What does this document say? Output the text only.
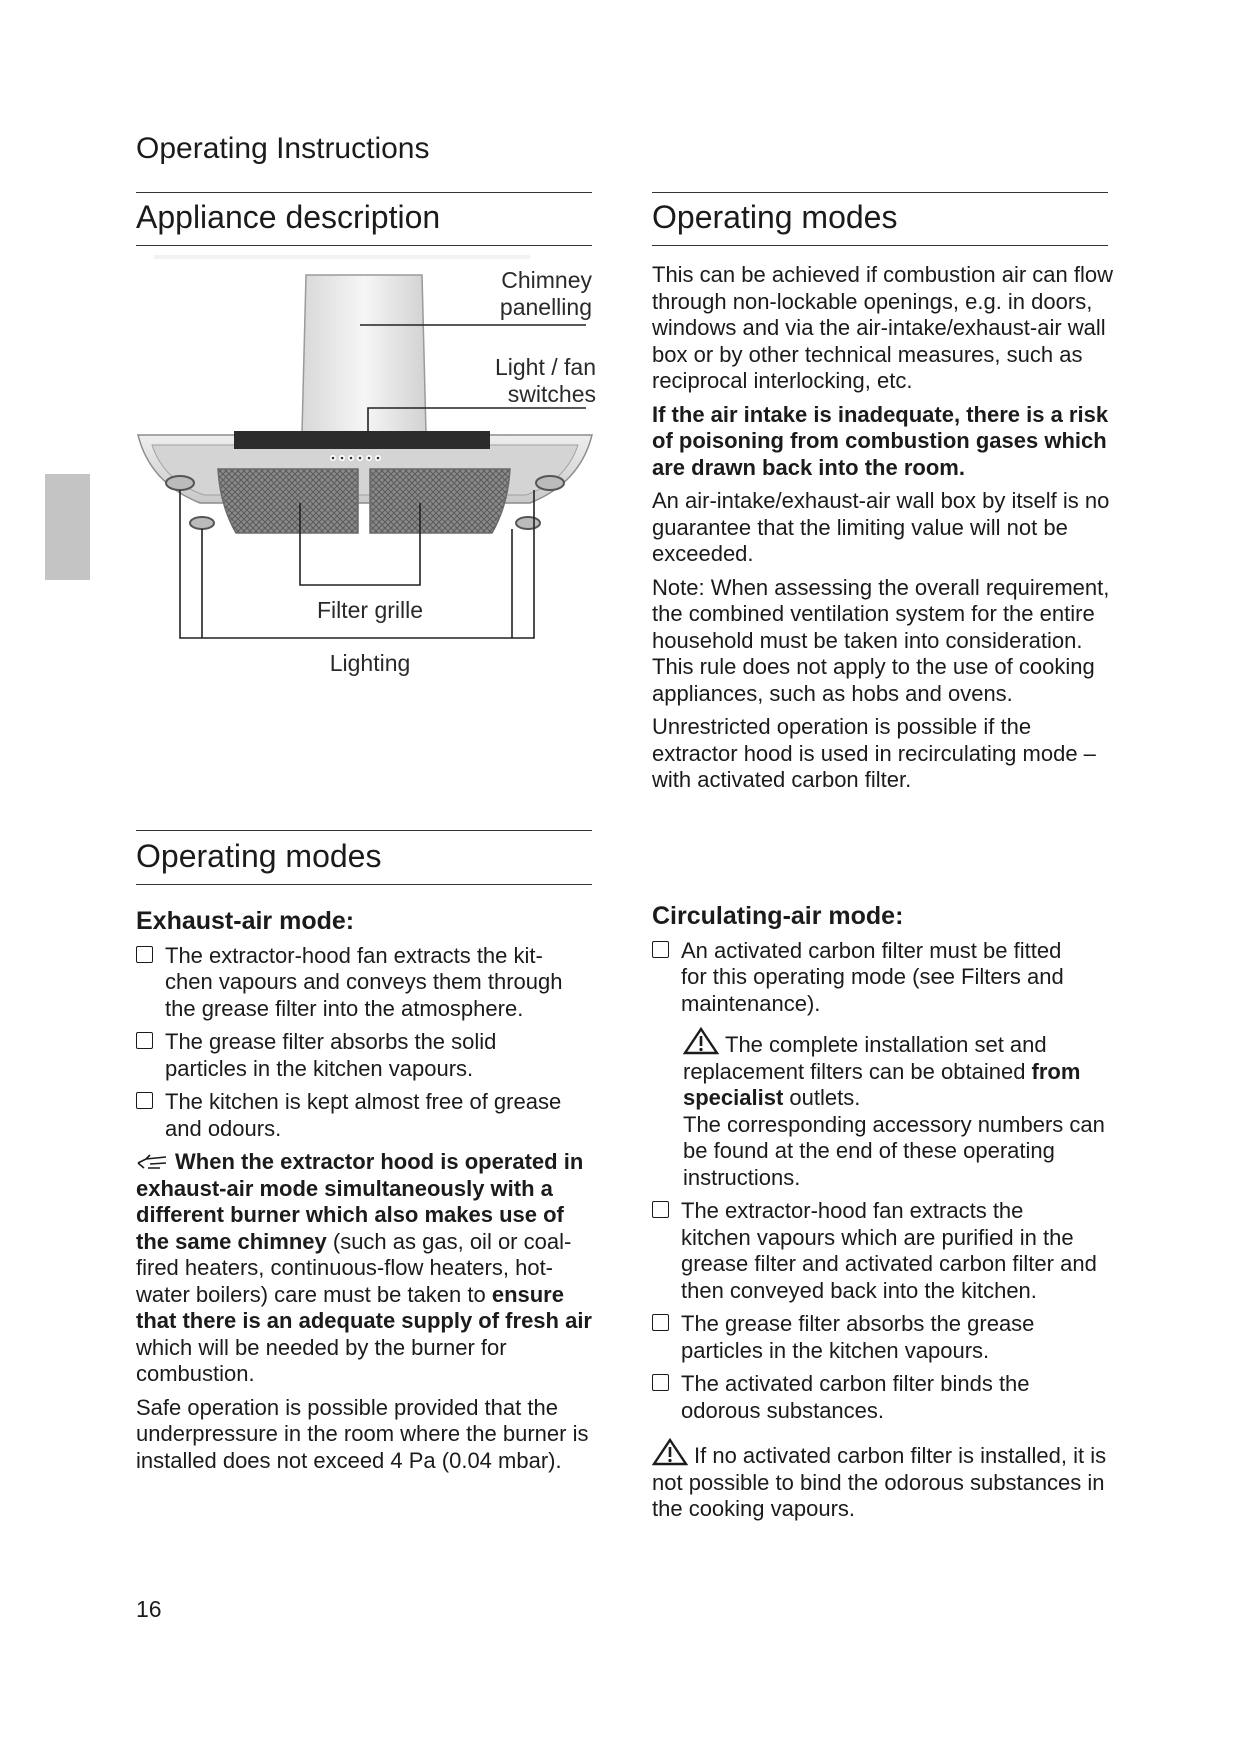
Operating Instructions
Appliance description
Chimney
panelling
Light / fan
switches
Filter grille
Lighting
Operating modes
Exhaust-air mode:
The extractor-hood fan extracts the kit-
chen vapours and conveys them through the grease filter into the atmosphere.
The grease filter absorbs the solid
particles in the kitchen vapours.
The kitchen is kept almost free of grease
and odours.

When the extractor hood is operated in exhaust-air mode simultaneously with a different burner which also makes use of the same chimney (such as gas, oil or coal-fired heaters, continuous-flow heaters, hot-water boilers) care must be taken to ensure that there is an adequate supply of fresh air which will be needed by the burner for combustion.

Safe operation is possible provided that the underpressure in the room where the burner is installed does not exceed 4 Pa (0.04 mbar).

Operating modes

This can be achieved if combustion air can flow through non-lockable openings, e.g. in doors, windows and via the air-intake/exhaust-air wall box or by other technical measures, such as reciprocal interlocking, etc.

If the air intake is inadequate, there is a risk of poisoning from combustion gases which are drawn back into the room.

An air-intake/exhaust-air wall box by itself is no guarantee that the limiting value will not be exceeded.

Note: When assessing the overall requirement, the combined ventilation system for the entire household must be taken into consideration. This rule does not apply to the use of cooking appliances, such as hobs and ovens.

Unrestricted operation is possible if the extractor hood is used in recirculating mode – with activated carbon filter.

Circulating-air mode:
An activated carbon filter must be fitted
for this operating mode (see Filters and maintenance).
The complete installation set and replacement filters can be obtained from specialist outlets.
The corresponding accessory numbers can be found at the end of these operating instructions.
The extractor-hood fan extracts the
kitchen vapours which are purified in the grease filter and activated carbon filter and then conveyed back into the kitchen.
The grease filter absorbs the grease
particles in the kitchen vapours.
The activated carbon filter binds the
odorous substances.

If no activated carbon filter is installed, it is not possible to bind the odorous substances in the cooking vapours.

16
